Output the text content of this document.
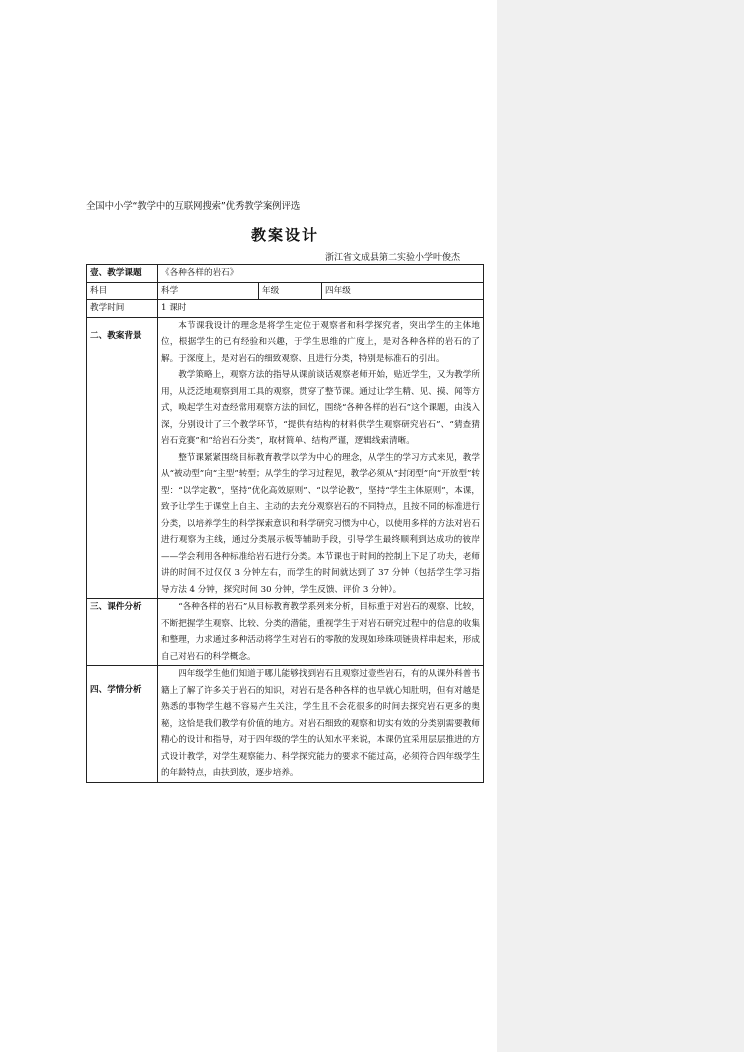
全国中小学“教学中的互联网搜索”优秀教学案例评选
教案设计
浙江省文成县第二实验小学叶俊杰
壹、教学课题	《各种各样的岩石》		
科目	科学	年级	四年级
教学时间	1 课时		
二、教案背景	本节课我设计的理念是将学生定位于观察者和科学探究者，突出学生的主体地位，根据学生的已有经验和兴趣，于学生思维的广度上，是对各种各样的岩石的了解。于深度上，是对岩石的细致观察、且进行分类，特别是标准石的引出。

教学策略上，观察方法的指导从课前谈话观察老师开始，贴近学生，又为教学所用，从泛泛地观察到用工具的观察，贯穿了整节课。通过让学生精、见、摸、闻等方式，唤起学生对查经常用观察方法的回忆，围绕“各种各样的岩石”这个课题，由浅入深，分别设计了三个教学环节，“提供有结构的材料供学生观察研究岩石”、“猜查猜岩石竞赛”和“给岩石分类”，取材简单、结构严谨，逻辑线索清晰。

整节课紧紧围绕目标教育教学以学为中心的理念，从学生的学习方式来见，教学从“被动型”向“主型”转型；从学生的学习过程见，教学必须从“封闭型”向“开放型”转型：“以学定教”，坚持“优化高效原则”、“以学论教”，坚持“学生主体原则”，本课，致予让学生于课堂上自主、主动的去充分观察岩石的不同特点，且按不同的标准进行分类，以培养学生的科学探索意识和科学研究习惯为中心，以使用多样的方法对岩石进行观察为主线，通过分类展示板等辅助手段，引导学生最终顺利到达成功的彼岸——学会利用各种标准给岩石进行分类。本节课也于时间的控制上下足了功夫，老师讲的时间不过仅仅 3 分钟左右，而学生的时间就达到了 37 分钟（包括学生学习指导方法 4 分钟，探究时间 30 分钟，学生反馈、评价 3 分钟）。		

三、课件分析	“各种各样的岩石”从目标教育教学系列来分析，目标重于对岩石的观察、比较，不断把握学生观察、比较、分类的潜能，重视学生于对岩石研究过程中的信息的收集和整理，力求通过多种活动将学生对岩石的零散的发现如珍珠项链贵样串起来，形成自己对岩石的科学概念。		

四、学情分析	四年级学生他们知道于哪儿能够找到岩石且观察过壹些岩石，有的从课外科普书籍上了解了许多关于岩石的知识，对岩石是各种各样的也早就心知肚明，但有对越是熟悉的事物学生越不容易产生关注，学生且不会花很多的时间去探究岩石更多的奥秘，这恰是我们教学有价值的地方。对岩石细致的观察和切实有效的分类别需要教师精心的设计和指导，对于四年级的学生的认知水平来说，本课仍宜采用层层推进的方式设计教学，对学生观察能力、科学探究能力的要求不能过高，必须符合四年级学生的年龄特点，由扶到放，逐步培养。		
